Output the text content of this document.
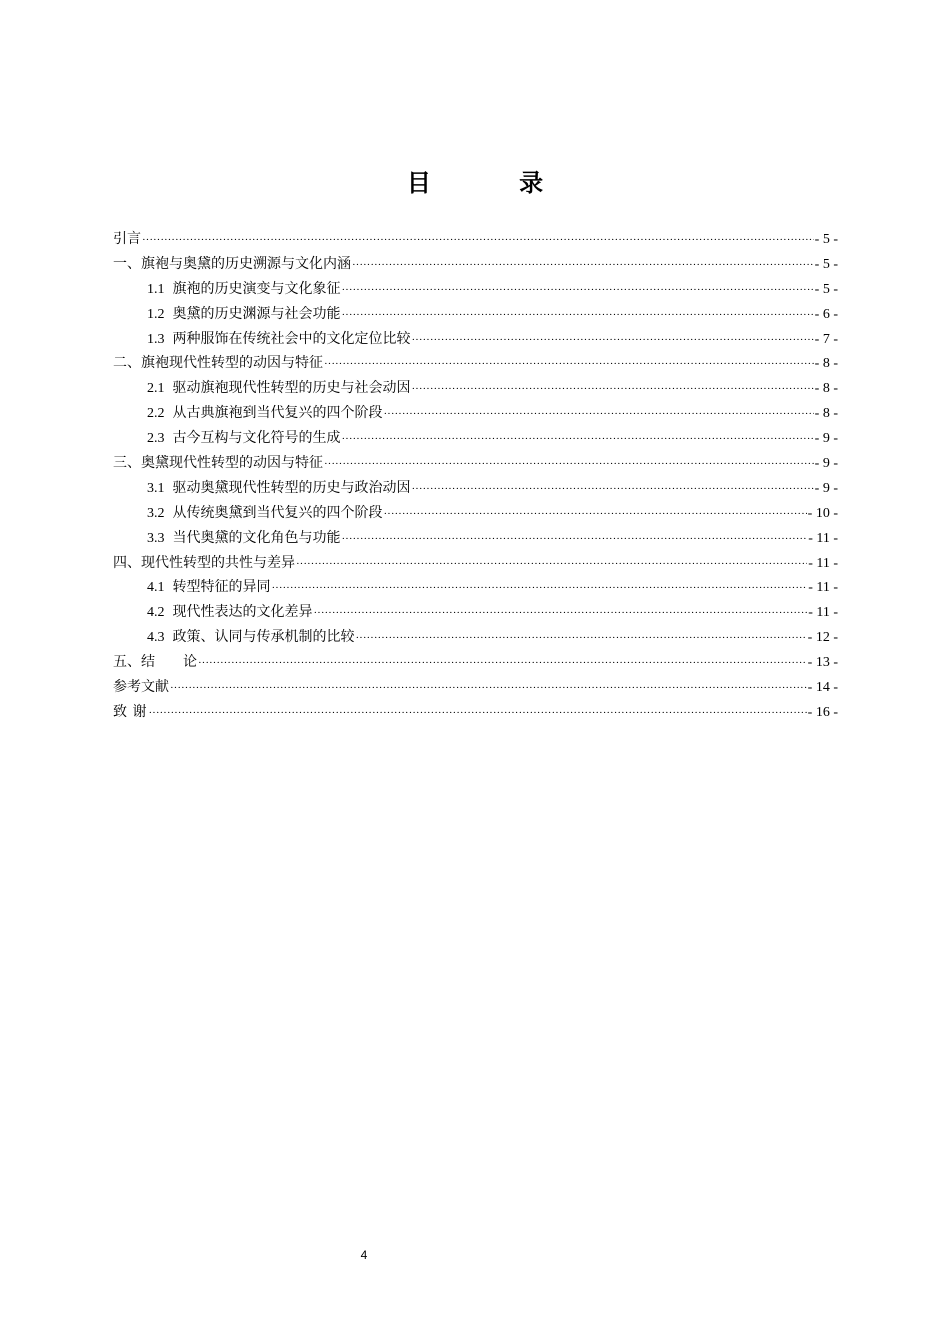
目 录
引言 ·····	- 5 -
一、旗袍与奥黛的历史溯源与文化内涵 ·····	- 5 -
1.1 旗袍的历史演变与文化象征 ·····	- 5 -
1.2 奥黛的历史渊源与社会功能 ·····	- 6 -
1.3 两种服饰在传统社会中的文化定位比较 ·····	- 7 -
二、旗袍现代性转型的动因与特征 ·····	- 8 -
2.1 驱动旗袍现代性转型的历史与社会动因 ·····	- 8 -
2.2 从古典旗袍到当代复兴的四个阶段 ·····	- 8 -
2.3 古今互构与文化符号的生成 ·····	- 9 -
三、奥黛现代性转型的动因与特征 ·····	- 9 -
3.1 驱动奥黛现代性转型的历史与政治动因 ·····	- 9 -
3.2 从传统奥黛到当代复兴的四个阶段 ·····	- 10 -
3.3 当代奥黛的文化角色与功能 ·····	- 11 -
四、现代性转型的共性与差异 ·····	- 11 -
4.1 转型特征的异同 ·····	- 11 -
4.2 现代性表达的文化差异 ·····	- 11 -
4.3 政策、认同与传承机制的比较 ·····	- 12 -
五、结　　论 ·····	- 13 -
参考文献 ·····	- 14 -
致 谢 ·····	- 16 -
4
